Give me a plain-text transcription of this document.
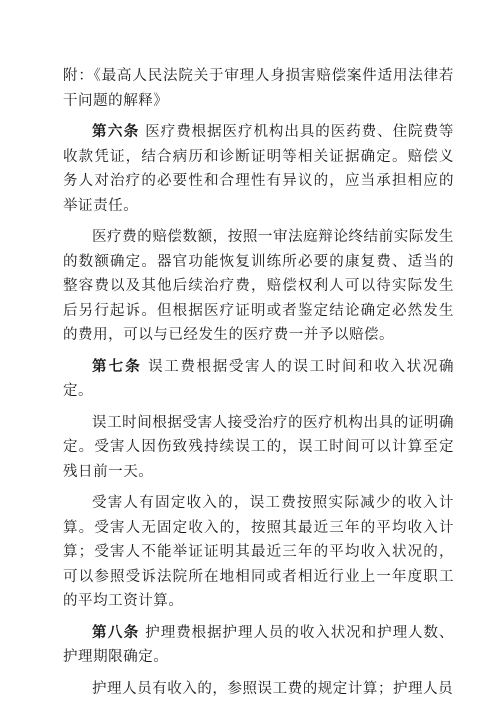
附：《最高人民法院关于审理人身损害赔偿案件适用法律若干问题的解释》

第六条 医疗费根据医疗机构出具的医药费、住院费等收款凭证，结合病历和诊断证明等相关证据确定。赔偿义务人对治疗的必要性和合理性有异议的，应当承担相应的举证责任。

医疗费的赔偿数额，按照一审法庭辩论终结前实际发生的数额确定。器官功能恢复训练所必要的康复费、适当的整容费以及其他后续治疗费，赔偿权利人可以待实际发生后另行起诉。但根据医疗证明或者鉴定结论确定必然发生的费用，可以与已经发生的医疗费一并予以赔偿。

第七条 误工费根据受害人的误工时间和收入状况确定。

误工时间根据受害人接受治疗的医疗机构出具的证明确定。受害人因伤致残持续误工的，误工时间可以计算至定残日前一天。

受害人有固定收入的，误工费按照实际减少的收入计算。受害人无固定收入的，按照其最近三年的平均收入计算；受害人不能举证证明其最近三年的平均收入状况的，可以参照受诉法院所在地相同或者相近行业上一年度职工的平均工资计算。

第八条 护理费根据护理人员的收入状况和护理人数、护理期限确定。

护理人员有收入的，参照误工费的规定计算；护理人员
